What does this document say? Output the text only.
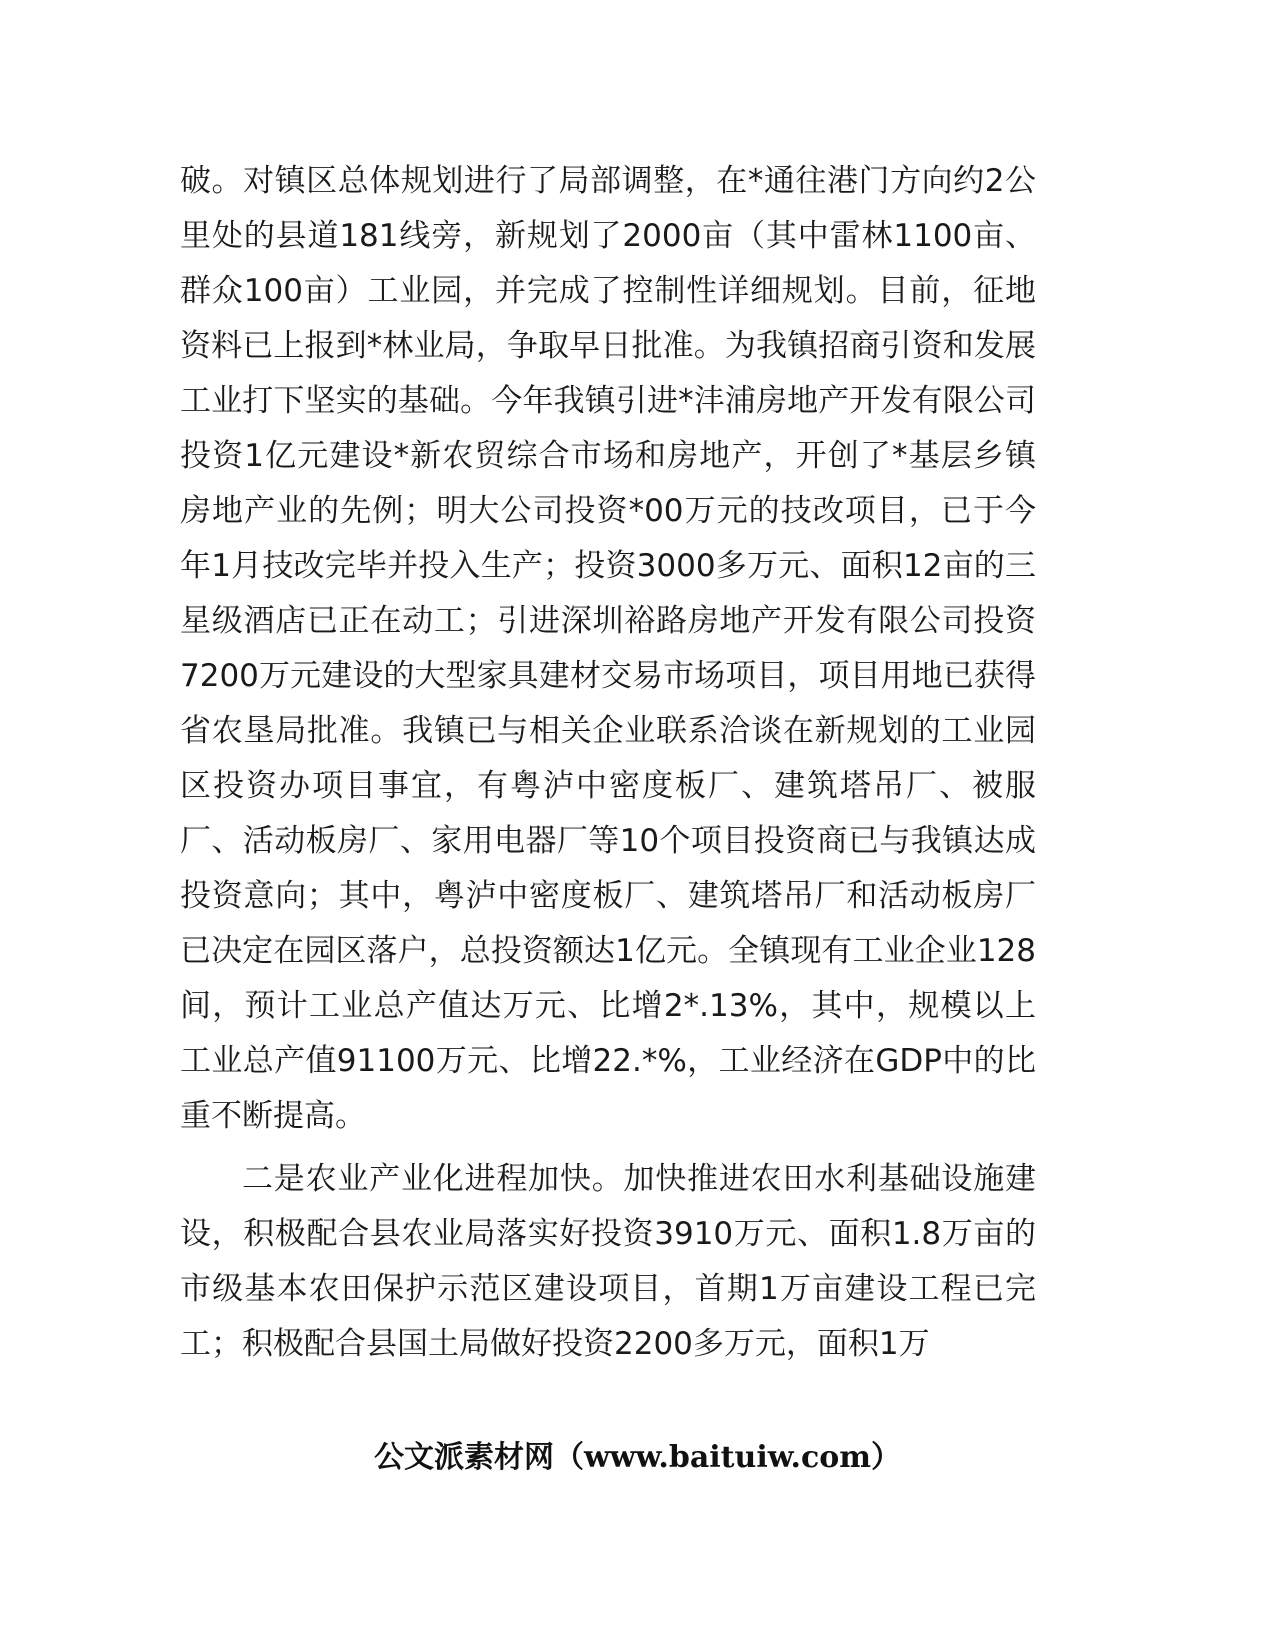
破。对镇区总体规划进行了局部调整，在*通往港门方向约2公里处的县道181线旁，新规划了2000亩（其中雷林1100亩、群众100亩）工业园，并完成了控制性详细规划。目前，征地资料已上报到*林业局，争取早日批准。为我镇招商引资和发展工业打下坚实的基础。今年我镇引进*沣浦房地产开发有限公司投资1亿元建设*新农贸综合市场和房地产，开创了*基层乡镇房地产业的先例；明大公司投资*00万元的技改项目，已于今年1月技改完毕并投入生产；投资3000多万元、面积12亩的三星级酒店已正在动工；引进深圳裕路房地产开发有限公司投资7200万元建设的大型家具建材交易市场项目，项目用地已获得省农垦局批准。我镇已与相关企业联系洽谈在新规划的工业园区投资办项目事宜，有粤泸中密度板厂、建筑塔吊厂、被服厂、活动板房厂、家用电器厂等10个项目投资商已与我镇达成投资意向；其中，粤泸中密度板厂、建筑塔吊厂和活动板房厂已决定在园区落户，总投资额达1亿元。全镇现有工业企业128间，预计工业总产值达万元、比增2*.13%，其中，规模以上工业总产值91100万元、比增22.*%，工业经济在GDP中的比重不断提高。

二是农业产业化进程加快。加快推进农田水利基础设施建设，积极配合县农业局落实好投资3910万元、面积1.8万亩的市级基本农田保护示范区建设项目，首期1万亩建设工程已完工；积极配合县国土局做好投资2200多万元，面积1万

公文派素材网（www.baituiw.com）
